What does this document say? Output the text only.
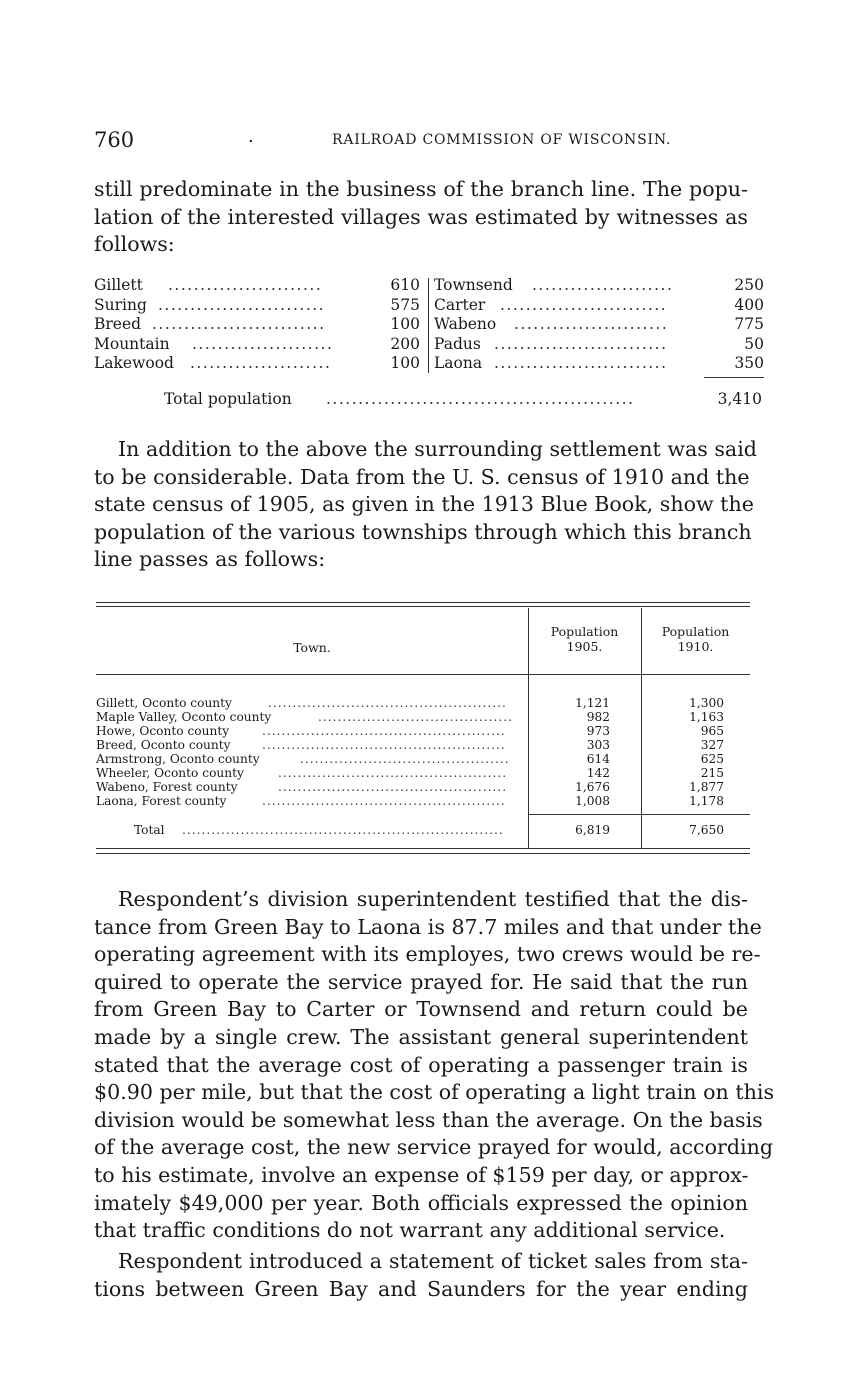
760	.	RAILROAD COMMISSION OF WISCONSIN.
still predominate in the business of the branch line. The popu-
lation of the interested villages was estimated by witnesses as
follows:
Gillett ........................	610
Suring ..........................	575
Breed ...........................	100
Mountain ......................	200
Lakewood ......................	100
Townsend ......................	250
Carter ..........................	400
Wabeno ........................	775
Padus ...........................	50
Laona ...........................	350
Total population ................................................	3,410
In addition to the above the surrounding settlement was said
to be considerable. Data from the U. S. census of 1910 and the
state census of 1905, as given in the 1913 Blue Book, show the
population of the various townships through which this branch
line passes as follows:
Town.
Population
1905.
Population
1910.
Gillett, Oconto county	.................................................	1,121	1,300
Maple Valley, Oconto county	........................................	982	1,163
Howe, Oconto county	..................................................	973	965
Breed, Oconto county	..................................................	303	327
Armstrong, Oconto county	...........................................	614	625
Wheeler, Oconto county	...............................................	142	215
Wabeno, Forest county	...............................................	1,676	1,877
Laona, Forest county	..................................................	1,008	1,178
Total ..................................................................	6,819	7,650
Respondent’s division superintendent testified that the dis-
tance from Green Bay to Laona is 87.7 miles and that under the
operating agreement with its employes, two crews would be re-
quired to operate the service prayed for. He said that the run
from Green Bay to Carter or Townsend and return could be
made by a single crew. The assistant general superintendent
stated that the average cost of operating a passenger train is
$0.90 per mile, but that the cost of operating a light train on this
division would be somewhat less than the average. On the basis
of the average cost, the new service prayed for would, according
to his estimate, involve an expense of $159 per day, or approx-
imately $49,000 per year. Both officials expressed the opinion
that traffic conditions do not warrant any additional service.
Respondent introduced a statement of ticket sales from sta-
tions between Green Bay and Saunders for the year ending
